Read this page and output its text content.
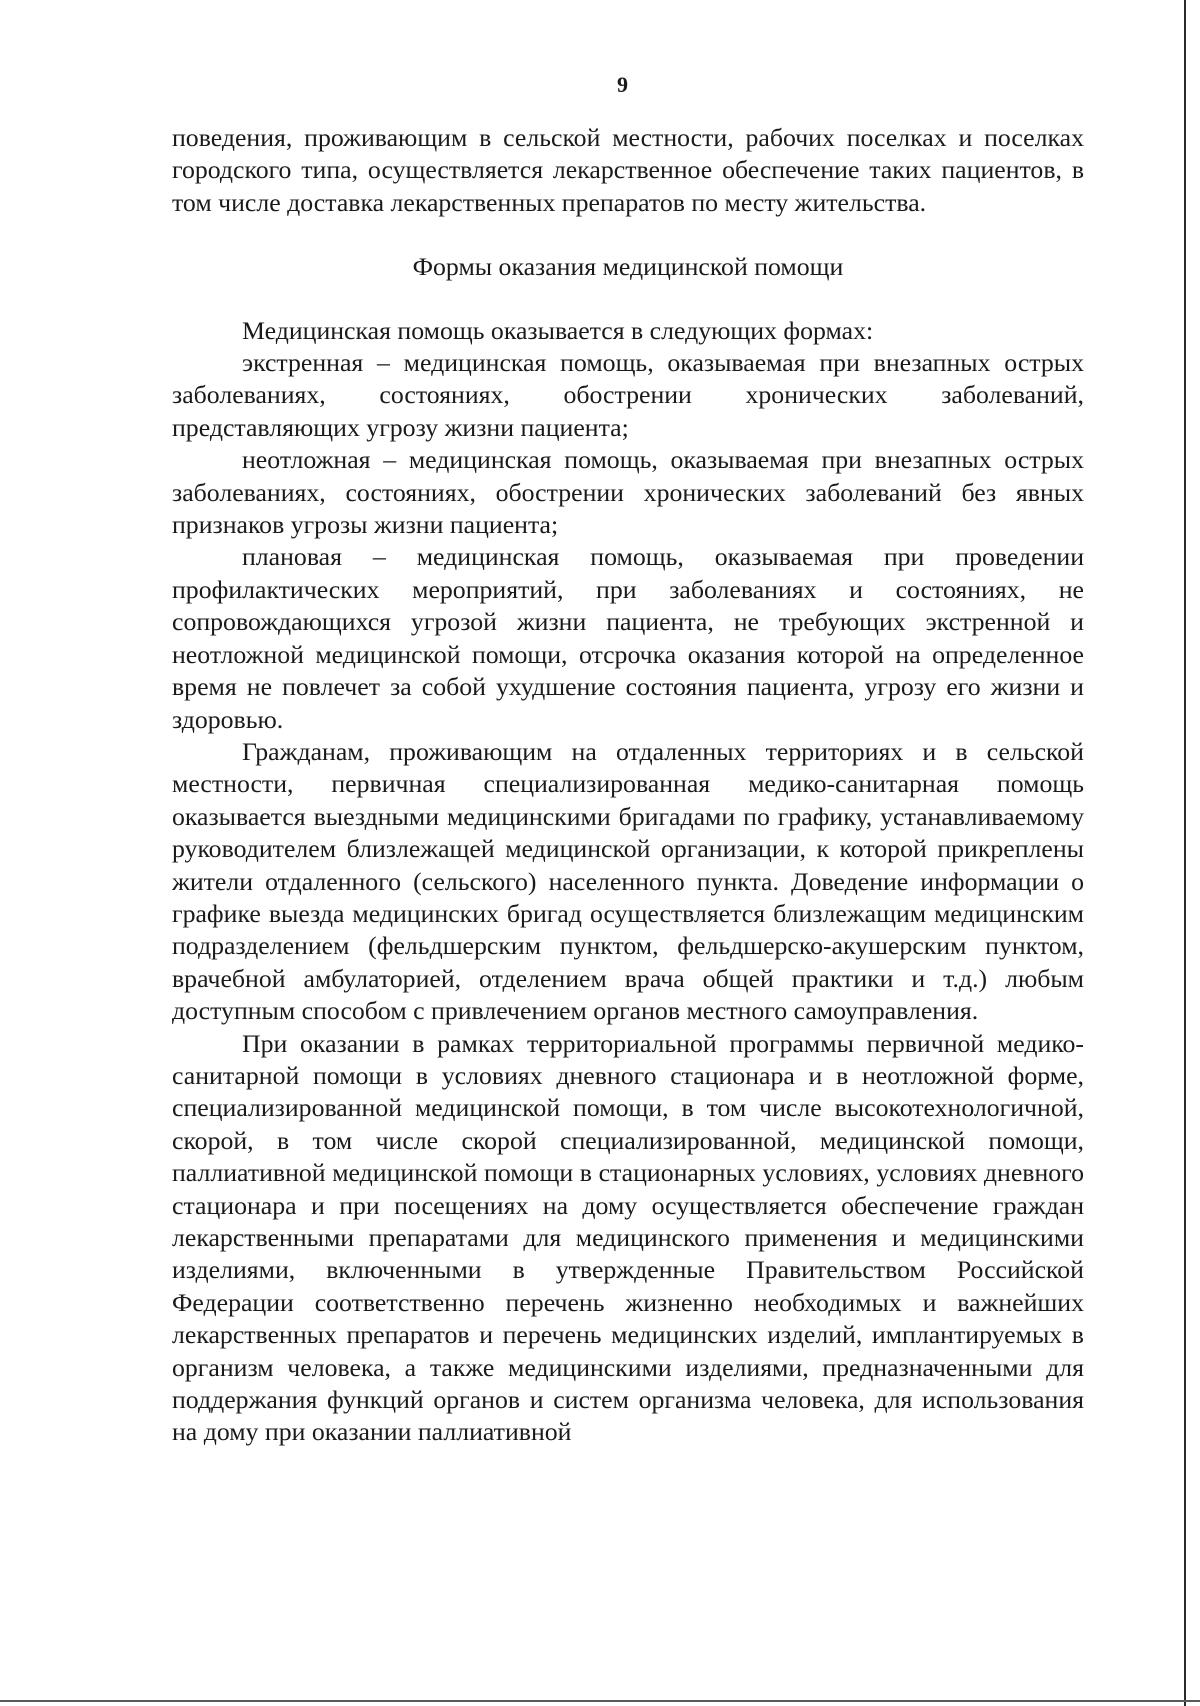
9

поведения, проживающим в сельской местности, рабочих поселках и поселках городского типа, осуществляется лекарственное обеспечение таких пациентов, в том числе доставка лекарственных препаратов по месту жительства.

Формы оказания медицинской помощи

Медицинская помощь оказывается в следующих формах:

экстренная – медицинская помощь, оказываемая при внезапных острых заболеваниях, состояниях, обострении хронических заболеваний, представляющих угрозу жизни пациента;

неотложная – медицинская помощь, оказываемая при внезапных острых заболеваниях, состояниях, обострении хронических заболеваний без явных признаков угрозы жизни пациента;

плановая – медицинская помощь, оказываемая при проведении профилактических мероприятий, при заболеваниях и состояниях, не сопровождающихся угрозой жизни пациента, не требующих экстренной и неотложной медицинской помощи, отсрочка оказания которой на определенное время не повлечет за собой ухудшение состояния пациента, угрозу его жизни и здоровью.

Гражданам, проживающим на отдаленных территориях и в сельской местности, первичная специализированная медико-санитарная помощь оказывается выездными медицинскими бригадами по графику, устанавливаемому руководителем близлежащей медицинской организации, к которой прикреплены жители отдаленного (сельского) населенного пункта. Доведение информации о графике выезда медицинских бригад осуществляется близлежащим медицинским подразделением (фельдшерским пунктом, фельдшерско-акушерским пунктом, врачебной амбулаторией, отделением врача общей практики и т.д.) любым доступным способом с привлечением органов местного самоуправления.

При оказании в рамках территориальной программы первичной медико-санитарной помощи в условиях дневного стационара и в неотложной форме, специализированной медицинской помощи, в том числе высокотехнологичной, скорой, в том числе скорой специализированной, медицинской помощи, паллиативной медицинской помощи в стационарных условиях, условиях дневного стационара и при посещениях на дому осуществляется обеспечение граждан лекарственными препаратами для медицинского применения и медицинскими изделиями, включенными в утвержденные Правительством Российской Федерации соответственно перечень жизненно необходимых и важнейших лекарственных препаратов и перечень медицинских изделий, имплантируемых в организм человека, а также медицинскими изделиями, предназначенными для поддержания функций органов и систем организма человека, для использования на дому при оказании паллиативной
